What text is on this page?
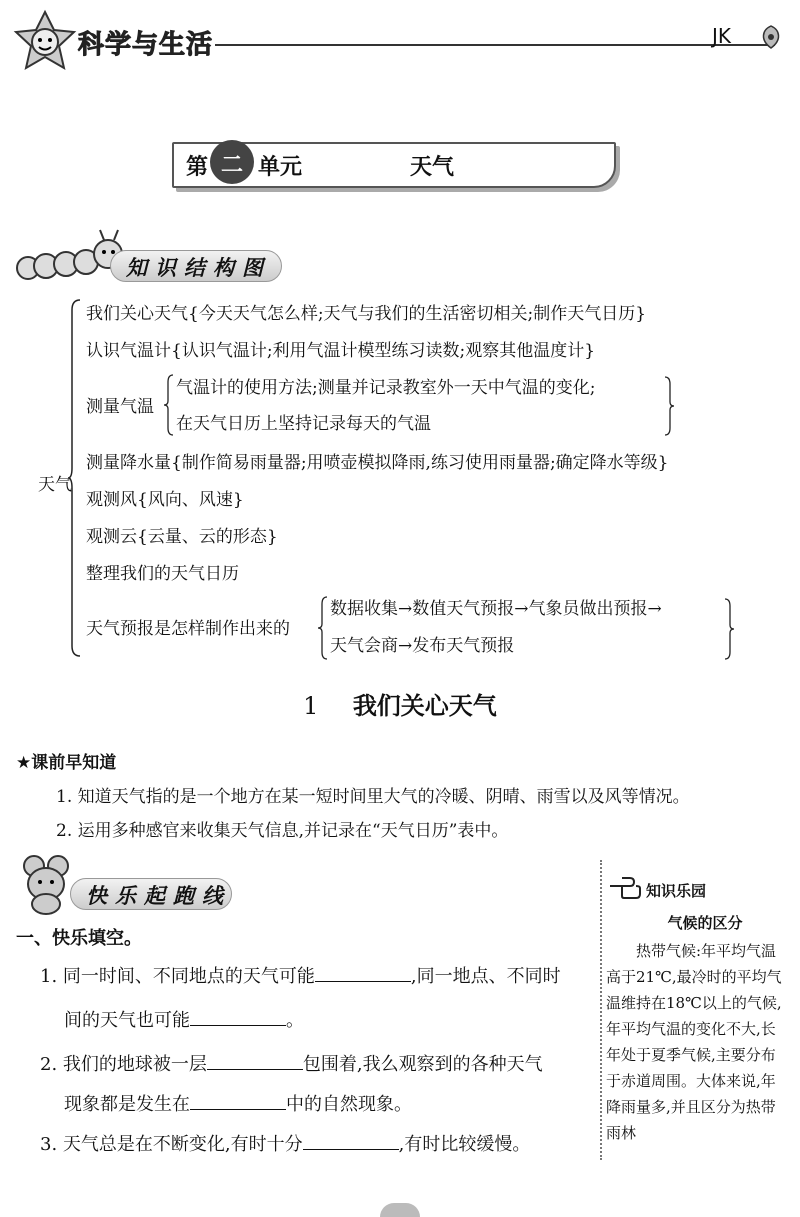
科学与生活	JK
第 二 单元	天气
知识结构图
天气
我们关心天气{今天天气怎么样;天气与我们的生活密切相关;制作天气日历}
认识气温计{认识气温计;利用气温计模型练习读数;观察其他温度计}
测量气温
气温计的使用方法;测量并记录教室外一天中气温的变化;
在天气日历上坚持记录每天的气温
测量降水量{制作简易雨量器;用喷壶模拟降雨,练习使用雨量器;确定降水等级}
观测风{风向、风速}
观测云{云量、云的形态}
整理我们的天气日历
天气预报是怎样制作出来的
数据收集→数值天气预报→气象员做出预报→
天气会商→发布天气预报
1 我们关心天气
★课前早知道
1. 知道天气指的是一个地方在某一短时间里大气的冷暖、阴晴、雨雪以及风等情况。
2. 运用多种感官来收集天气信息,并记录在“天气日历”表中。
快乐起跑线
一、快乐填空。
1. 同一时间、不同地点的天气可能	,同一地点、不同时
间的天气也可能	。
2. 我们的地球被一层	包围着,我么观察到的各种天气
现象都是发生在	中的自然现象。
3. 天气总是在不断变化,有时十分	,有时比较缓慢。
知识乐园
气候的区分
热带气候:年平均气温高于21℃,最冷时的平均气温维持在18℃以上的气候,年平均气温的变化不大,长年处于夏季气候,主要分布于赤道周围。大体来说,年降雨量多,并且区分为热带雨林
